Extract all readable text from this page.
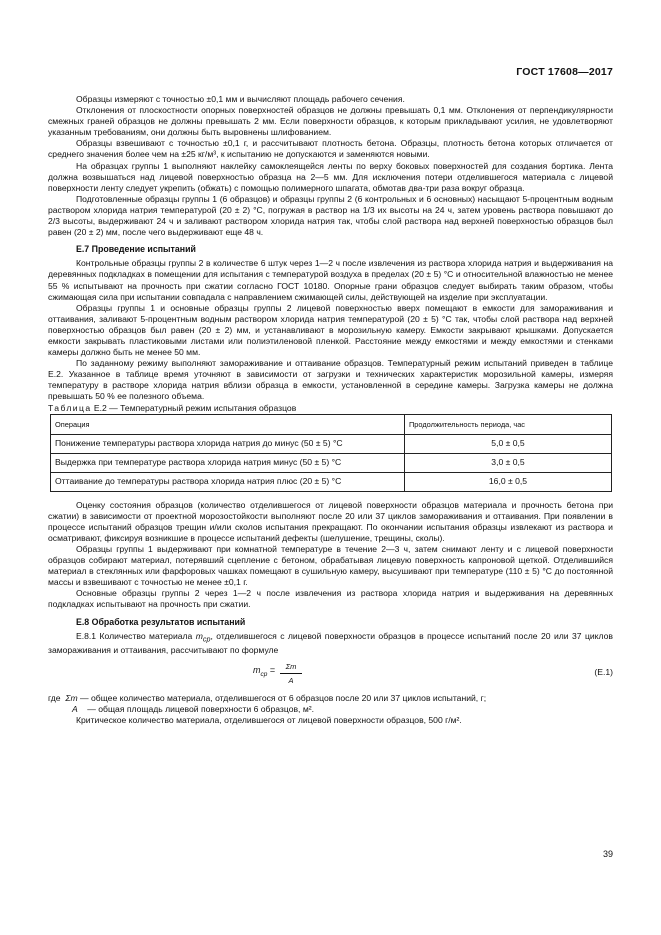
ГОСТ 17608—2017

Образцы измеряют с точностью ±0,1 мм и вычисляют площадь рабочего сечения.

Отклонения от плоскостности опорных поверхностей образцов не должны превышать 0,1 мм. Отклонения от перпендикулярности смежных граней образцов не должны превышать 2 мм. Если поверхности образцов, к которым прикладывают усилия, не удовлетворяют указанным требованиям, они должны быть выровнены шлифованием.

Образцы взвешивают с точностью ±0,1 г, и рассчитывают плотность бетона. Образцы, плотность бетона которых отличается от среднего значения более чем на ±25 кг/м³, к испытанию не допускаются и заменяются новыми.

На образцах группы 1 выполняют наклейку самоклеящейся ленты по верху боковых поверхностей для создания бортика. Лента должна возвышаться над лицевой поверхностью образца на 2—5 мм. Для исключения потери отделившегося материала с лицевой поверхности ленту следует укрепить (обжать) с помощью полимерного шпагата, обмотав два-три раза вокруг образца.

Подготовленные образцы группы 1 (6 образцов) и образцы группы 2 (6 контрольных и 6 основных) насыщают 5-процентным водным раствором хлорида натрия температурой (20 ± 2) °С, погружая в раствор на 1/3 их высоты на 24 ч, затем уровень раствора повышают до 2/3 высоты, выдерживают 24 ч и заливают раствором хлорида натрия так, чтобы слой раствора над верхней поверхностью образцов был равен (20 ± 2) мм, после чего выдерживают еще 48 ч.

Е.7 Проведение испытаний

Контрольные образцы группы 2 в количестве 6 штук через 1—2 ч после извлечения из раствора хлорида натрия и выдерживания на деревянных подкладках в помещении для испытания с температурой воздуха в пределах (20 ± 5) °С и относительной влажностью не менее 55 % испытывают на прочность при сжатии согласно ГОСТ 10180. Опорные грани образцов следует выбирать таким образом, чтобы сжимающая сила при испытании совпадала с направлением сжимающей силы, действующей на изделие при эксплуатации.

Образцы группы 1 и основные образцы группы 2 лицевой поверхностью вверх помещают в емкости для замораживания и оттаивания, заливают 5-процентным водным раствором хлорида натрия температурой (20 ± 5) °С так, чтобы слой раствора над верхней поверхностью образцов был равен (20 ± 2) мм, и устанавливают в морозильную камеру. Емкости закрывают крышками. Допускается емкости закрывать пластиковыми листами или полиэтиленовой пленкой. Расстояние между емкостями и между емкостями и стенками камеры должно быть не менее 50 мм.

По заданному режиму выполняют замораживание и оттаивание образцов. Температурный режим испытаний приведен в таблице Е.2. Указанное в таблице время уточняют в зависимости от загрузки и технических характеристик морозильной камеры, измеряя температуру в растворе хлорида натрия вблизи образца в емкости, установленной в середине камеры. Загрузка камеры не должна превышать 50 % ее полезного объема.

Таблица Е.2 — Температурный режим испытания образцов

Операция	Продолжительность периода, час
Понижение температуры раствора хлорида натрия до минус (50 ± 5) °С	5,0 ± 0,5
Выдержка при температуре раствора хлорида натрия минус (50 ± 5) °С	3,0 ± 0,5
Оттаивание до температуры раствора хлорида натрия плюс (20 ± 5) °С	16,0 ± 0,5

Оценку состояния образцов (количество отделившегося от лицевой поверхности образцов материала и прочность бетона при сжатии) в зависимости от проектной морозостойкости выполняют после 20 или 37 циклов замораживания и оттаивания. При появлении в процессе испытаний образцов трещин и/или сколов испытания прекращают. По окончании испытания образцы извлекают из раствора и осматривают, фиксируя возникшие в процессе испытаний дефекты (шелушение, трещины, сколы).

Образцы группы 1 выдерживают при комнатной температуре в течение 2—3 ч, затем снимают ленту и с лицевой поверхности образцов собирают материал, потерявший сцепление с бетоном, обрабатывая лицевую поверхность капроновой щеткой. Отделившийся материал в стеклянных или фарфоровых чашках помещают в сушильную камеру, высушивают при температуре (110 ± 5) °С до постоянной массы и взвешивают с точностью не менее ±0,1 г.

Основные образцы группы 2 через 1—2 ч после извлечения из раствора хлорида натрия и выдерживания на деревянных подкладках испытывают на прочность при сжатии.

Е.8 Обработка результатов испытаний

Е.8.1 Количество материала $m_{ср}$, отделившегося с лицевой поверхности образцов в процессе испытаний после 20 или 37 циклов замораживания и оттаивания, рассчитывают по формуле

$m_{ср} = \frac{\Sigma m}{A}$	(Е.1)

где Σm — общее количество материала, отделившегося от 6 образцов после 20 или 37 циклов испытаний, г;

A    — общая площадь лицевой поверхности 6 образцов, м².

Критическое количество материала, отделившегося от лицевой поверхности образцов, 500 г/м².

39
